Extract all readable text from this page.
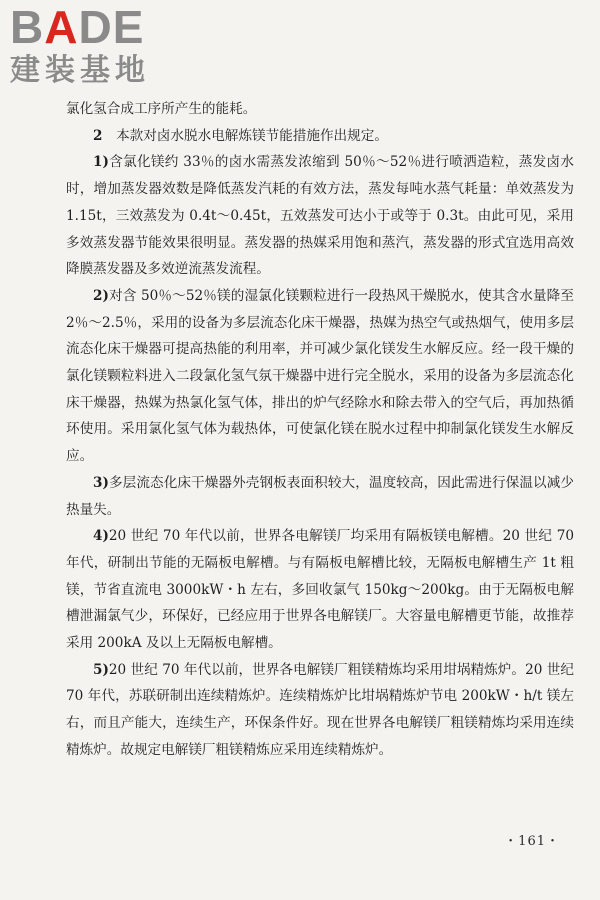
BADE
建装基地

氯化氢合成工序所产生的能耗。

2　本款对卤水脱水电解炼镁节能措施作出规定。

1)含氯化镁约 33％的卤水需蒸发浓缩到 50％～52％进行喷洒造粒，蒸发卤水时，增加蒸发器效数是降低蒸发汽耗的有效方法，蒸发每吨水蒸气耗量：单效蒸发为 1.15t，三效蒸发为 0.4t～0.45t，五效蒸发可达小于或等于 0.3t。由此可见，采用多效蒸发器节能效果很明显。蒸发器的热媒采用饱和蒸汽，蒸发器的形式宜选用高效降膜蒸发器及多效逆流蒸发流程。

2)对含 50％～52％镁的湿氯化镁颗粒进行一段热风干燥脱水，使其含水量降至 2％～2.5％，采用的设备为多层流态化床干燥器，热媒为热空气或热烟气，使用多层流态化床干燥器可提高热能的利用率，并可减少氯化镁发生水解反应。经一段干燥的氯化镁颗粒料进入二段氯化氢气氛干燥器中进行完全脱水，采用的设备为多层流态化床干燥器，热媒为热氯化氢气体，排出的炉气经除水和除去带入的空气后，再加热循环使用。采用氯化氢气体为载热体，可使氯化镁在脱水过程中抑制氯化镁发生水解反应。

3)多层流态化床干燥器外壳钢板表面积较大，温度较高，因此需进行保温以减少热量失。

4)20 世纪 70 年代以前，世界各电解镁厂均采用有隔板镁电解槽。20 世纪 70 年代，研制出节能的无隔板电解槽。与有隔板电解槽比较，无隔板电解槽生产 1t 粗镁，节省直流电 3000kW・h 左右，多回收氯气 150kg～200kg。由于无隔板电解槽泄漏氯气少，环保好，已经应用于世界各电解镁厂。大容量电解槽更节能，故推荐采用 200kA 及以上无隔板电解槽。

5)20 世纪 70 年代以前，世界各电解镁厂粗镁精炼均采用坩埚精炼炉。20 世纪 70 年代，苏联研制出连续精炼炉。连续精炼炉比坩埚精炼炉节电 200kW・h/t 镁左右，而且产能大，连续生产，环保条件好。现在世界各电解镁厂粗镁精炼均采用连续精炼炉。故规定电解镁厂粗镁精炼应采用连续精炼炉。

・161・
